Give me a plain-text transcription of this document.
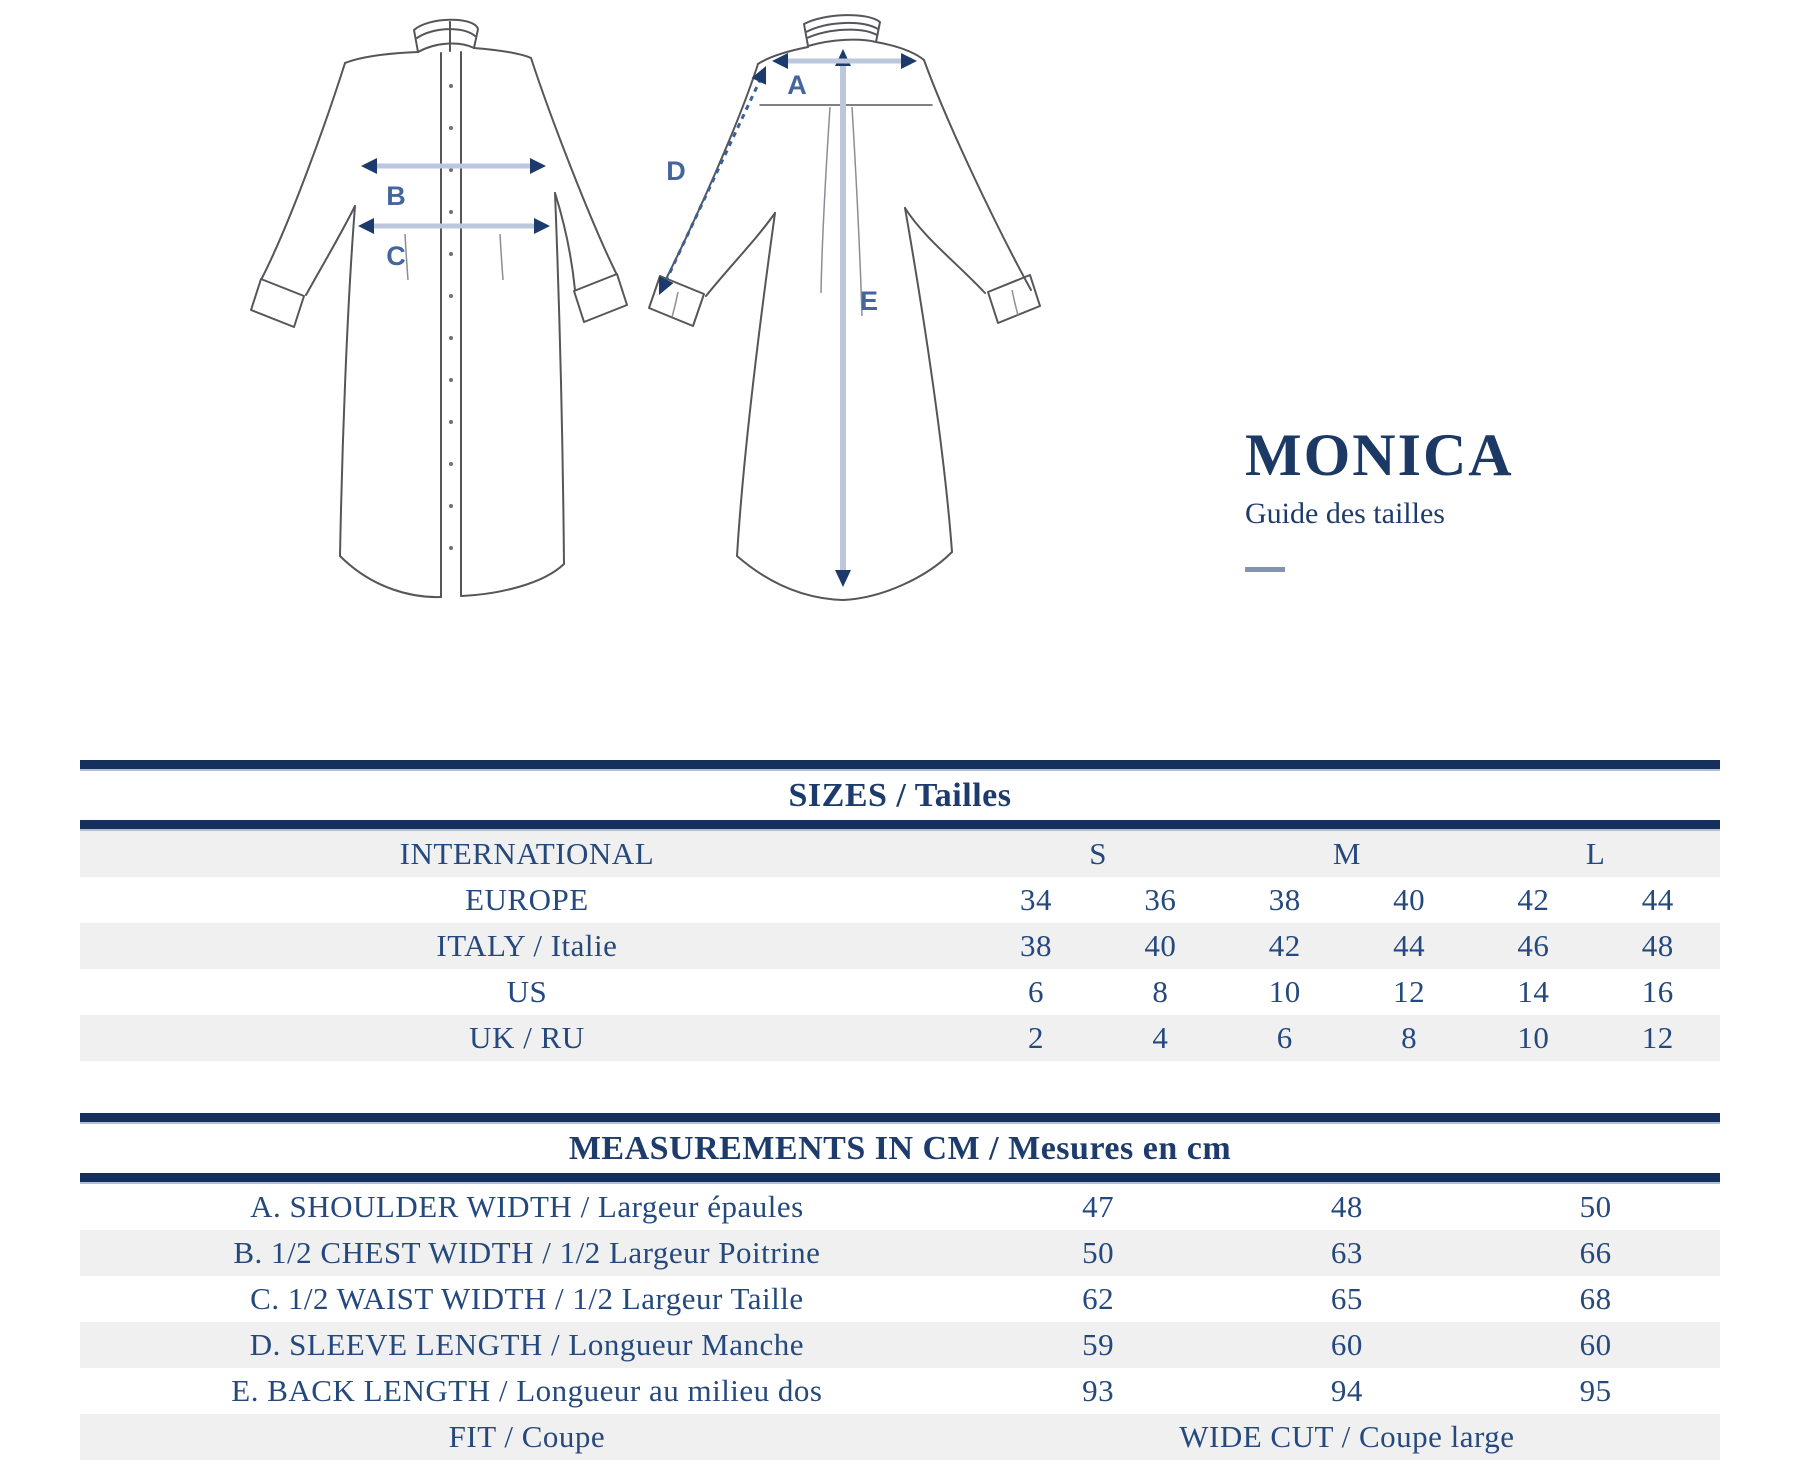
B
C
A
D
E
MONICA
Guide des tailles
SIZES / Tailles
INTERNATIONAL	S		M		L	
EUROPE	34	36	38	40	42	44
ITALY / Italie	38	40	42	44	46	48
US	6	8	10	12	14	16
UK / RU	2	4	6	8	10	12
MEASUREMENTS IN CM / Mesures en cm
A. SHOULDER WIDTH / Largeur épaules	47	48	50
B. 1/2 CHEST WIDTH / 1/2 Largeur Poitrine	50	63	66
C. 1/2 WAIST WIDTH / 1/2 Largeur Taille	62	65	68
D. SLEEVE LENGTH / Longueur Manche	59	60	60
E. BACK LENGTH / Longueur au milieu dos	93	94	95
FIT / Coupe	WIDE CUT / Coupe large		
